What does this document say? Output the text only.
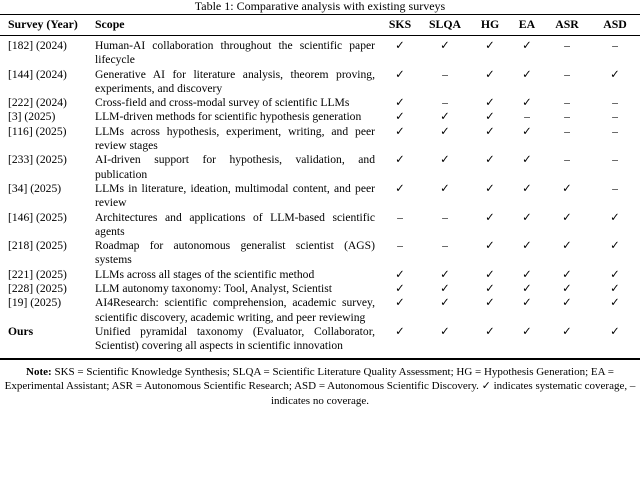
Table 1: Comparative analysis with existing surveys
Survey (Year)	Scope	SKS	SLQA	HG	EA	ASR	ASD
[182] (2024)	Human-AI collaboration throughout the scientific paper lifecycle	✓	✓	✓	✓	–	–
[144] (2024)	Generative AI for literature analysis, theorem proving, experiments, and discovery	✓	–	✓	✓	–	✓
[222] (2024)	Cross-field and cross-modal survey of scientific LLMs	✓	–	✓	✓	–	–
[3] (2025)	LLM-driven methods for scientific hypothesis generation	✓	✓	✓	–	–	–
[116] (2025)	LLMs across hypothesis, experiment, writing, and peer review stages	✓	✓	✓	✓	–	–
[233] (2025)	AI-driven support for hypothesis, validation, and publication	✓	✓	✓	✓	–	–
[34] (2025)	LLMs in literature, ideation, multimodal content, and peer review	✓	✓	✓	✓	✓	–
[146] (2025)	Architectures and applications of LLM-based scientific agents	–	–	✓	✓	✓	✓
[218] (2025)	Roadmap for autonomous generalist scientist (AGS) systems	–	–	✓	✓	✓	✓
[221] (2025)	LLMs across all stages of the scientific method	✓	✓	✓	✓	✓	✓
[228] (2025)	LLM autonomy taxonomy: Tool, Analyst, Scientist	✓	✓	✓	✓	✓	✓
[19] (2025)	AI4Research: scientific comprehension, academic survey, scientific discovery, academic writing, and peer reviewing	✓	✓	✓	✓	✓	✓
Ours	Unified pyramidal taxonomy (Evaluator, Collaborator, Scientist) covering all aspects in scientific innovation	✓	✓	✓	✓	✓	✓
Note: SKS = Scientific Knowledge Synthesis; SLQA = Scientific Literature Quality Assessment; HG = Hypothesis Generation; EA = Experimental Assistant; ASR = Autonomous Scientific Research; ASD = Autonomous Scientific Discovery. ✓ indicates systematic coverage, – indicates no coverage.
